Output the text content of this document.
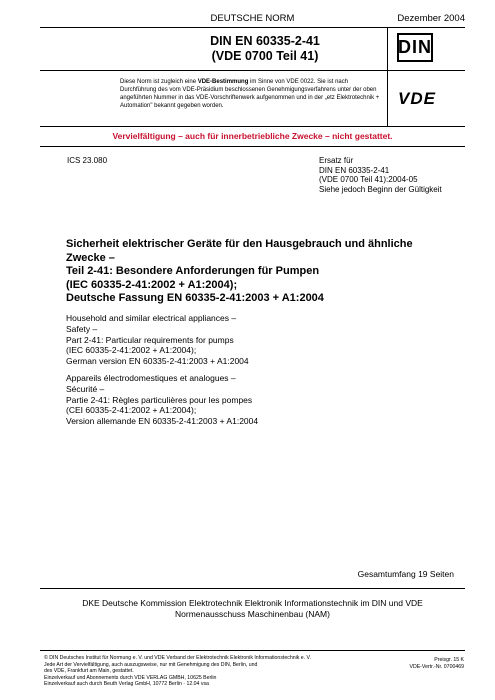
DEUTSCHE NORM	Dezember 2004
DIN EN 60335-2-41
(VDE 0700 Teil 41)	DIN
Diese Norm ist zugleich eine VDE-Bestimmung im Sinne von VDE 0022. Sie ist nach Durchführung des vom VDE-Präsidium beschlossenen Genehmigungsverfahrens unter der oben angeführten Nummer in das VDE-Vorschriftenwerk aufgenommen und in der „etz Elektrotechnik + Automation" bekannt gegeben worden.	VDE
Vervielfältigung – auch für innerbetriebliche Zwecke – nicht gestattet.
ICS 23.080	Ersatz für
DIN EN 60335-2-41
(VDE 0700 Teil 41):2004-05
Siehe jedoch Beginn der Gültigkeit
Sicherheit elektrischer Geräte für den Hausgebrauch und ähnliche
Zwecke –
Teil 2-41: Besondere Anforderungen für Pumpen
(IEC 60335-2-41:2002 + A1:2004);
Deutsche Fassung EN 60335-2-41:2003 + A1:2004
Household and similar electrical appliances –
Safety –
Part 2-41: Particular requirements for pumps
(IEC 60335-2-41:2002 + A1:2004);
German version EN 60335-2-41:2003 + A1:2004
Appareils électrodomestiques et analogues –
Sécurité –
Partie 2-41: Règles particulières pour les pompes
(CEI 60335-2-41:2002 + A1:2004);
Version allemande EN 60335-2-41:2003 + A1:2004
Gesamtumfang 19 Seiten
DKE Deutsche Kommission Elektrotechnik Elektronik Informationstechnik im DIN und VDE
Normenausschuss Maschinenbau (NAM)
© DIN Deutsches Institut für Normung e. V. und VDE Verband der Elektrotechnik Elektronik Informationstechnik e. V.
Jede Art der Vervielfältigung, auch auszugsweise, nur mit Genehmigung des DIN, Berlin, und
des VDE, Frankfurt am Main, gestattet.
Einzelverkauf und Abonnements durch VDE VERLAG GMBH, 10625 Berlin
Einzelverkauf auch durch Beuth Verlag GmbH, 10772 Berlin · 12.04 vsa
Preisgr. 15 K
VDE-Vertr.-Nr. 0700469
